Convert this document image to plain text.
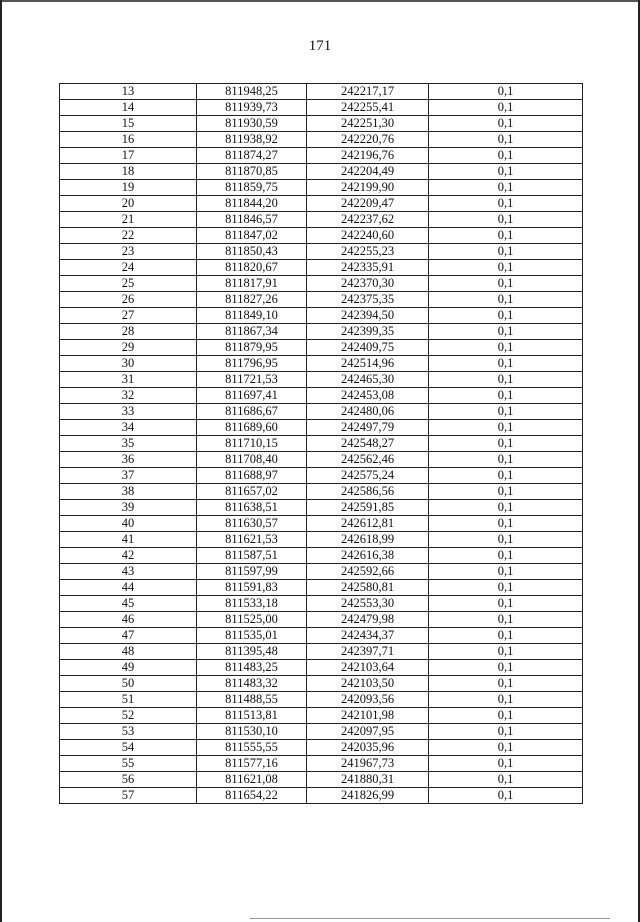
171
13	811948,25	242217,17	0,1
14	811939,73	242255,41	0,1
15	811930,59	242251,30	0,1
16	811938,92	242220,76	0,1
17	811874,27	242196,76	0,1
18	811870,85	242204,49	0,1
19	811859,75	242199,90	0,1
20	811844,20	242209,47	0,1
21	811846,57	242237,62	0,1
22	811847,02	242240,60	0,1
23	811850,43	242255,23	0,1
24	811820,67	242335,91	0,1
25	811817,91	242370,30	0,1
26	811827,26	242375,35	0,1
27	811849,10	242394,50	0,1
28	811867,34	242399,35	0,1
29	811879,95	242409,75	0,1
30	811796,95	242514,96	0,1
31	811721,53	242465,30	0,1
32	811697,41	242453,08	0,1
33	811686,67	242480,06	0,1
34	811689,60	242497,79	0,1
35	811710,15	242548,27	0,1
36	811708,40	242562,46	0,1
37	811688,97	242575,24	0,1
38	811657,02	242586,56	0,1
39	811638,51	242591,85	0,1
40	811630,57	242612,81	0,1
41	811621,53	242618,99	0,1
42	811587,51	242616,38	0,1
43	811597,99	242592,66	0,1
44	811591,83	242580,81	0,1
45	811533,18	242553,30	0,1
46	811525,00	242479,98	0,1
47	811535,01	242434,37	0,1
48	811395,48	242397,71	0,1
49	811483,25	242103,64	0,1
50	811483,32	242103,50	0,1
51	811488,55	242093,56	0,1
52	811513,81	242101,98	0,1
53	811530,10	242097,95	0,1
54	811555,55	242035,96	0,1
55	811577,16	241967,73	0,1
56	811621,08	241880,31	0,1
57	811654,22	241826,99	0,1
